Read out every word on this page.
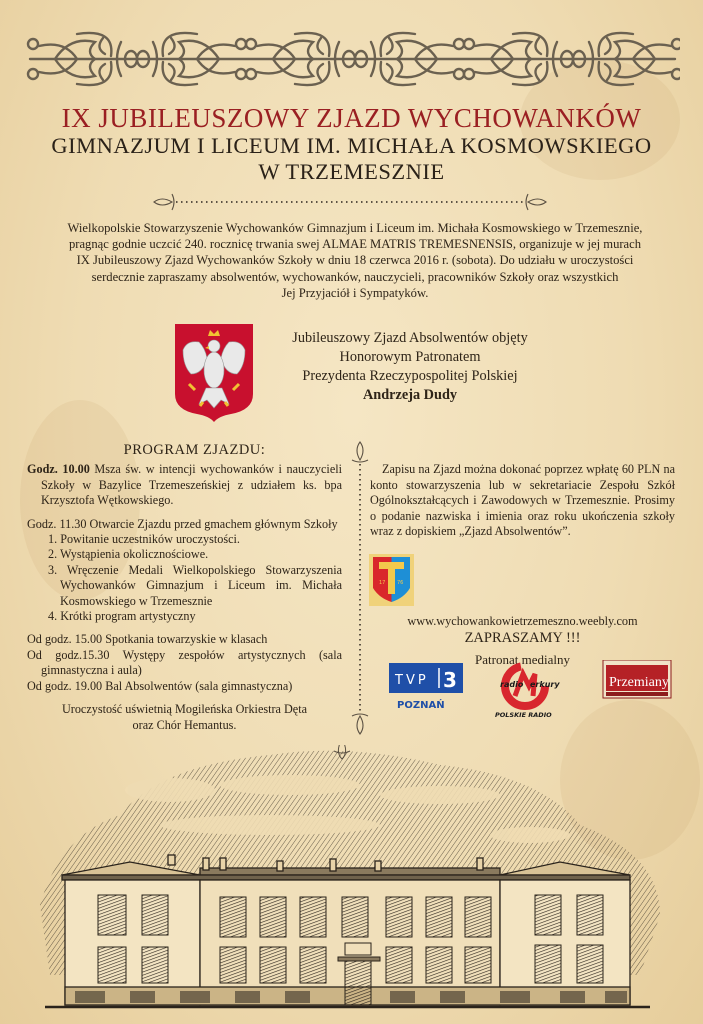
IX JUBILEUSZOWY ZJAZD WYCHOWANKÓW
GIMNAZJUM I LICEUM IM. MICHAŁA KOSMOWSKIEGO
W TRZEMESZNIE
Wielkopolskie Stowarzyszenie Wychowanków Gimnazjum i Liceum im. Michała Kosmowskiego w Trzemesznie,
pragnąc godnie uczcić 240. rocznicę trwania swej ALMAE MATRIS TREMESNENSIS, organizuje w jej murach
IX Jubileuszowy Zjazd Wychowanków Szkoły w dniu 18 czerwca 2016 r. (sobota). Do udziału w uroczystości
serdecznie zapraszamy absolwentów, wychowanków, nauczycieli, pracowników Szkoły oraz wszystkich
Jej Przyjaciół i Sympatyków.
Jubileuszowy Zjazd Absolwentów objęty
Honorowym Patronatem
Prezydenta Rzeczypospolitej Polskiej
Andrzeja Dudy
PROGRAM ZJAZDU:
Godz. 10.00 Msza św. w intencji wychowanków i nauczycieli Szkoły w Bazylice Trzemeszeńskiej z udziałem ks. bpa Krzysztofa Wętkowskiego.
Godz. 11.30 Otwarcie Zjazdu przed gmachem głównym Szkoły
1. Powitanie uczestników uroczystości.
2. Wystąpienia okolicznościowe.
3. Wręczenie Medali Wielkopolskiego Stowarzyszenia Wychowanków Gimnazjum i Liceum im. Michała Kosmowskiego w Trzemesznie
4. Krótki program artystyczny
Od godz. 15.00 Spotkania towarzyskie w klasach
Od godz.15.30 Występy zespołów artystycznych (sala gimnastyczna i aula)
Od godz. 19.00 Bal Absolwentów (sala gimnastyczna)
Uroczystość uświetnią Mogileńska Orkiestra Dęta
oraz Chór Hemantus.
Zapisu na Zjazd można dokonać poprzez wpłatę 60 PLN na konto stowarzyszenia lub w sekretariacie Zespołu Szkół Ogólnokształcących i Zawodowych w Trzemesznie. Prosimy o podanie nazwiska i imienia oraz roku ukończenia szkoły wraz z dopiskiem „Zjazd Absolwentów”.
17 76
www.wychowankowietrzemeszno.weebly.com
ZAPRASZAMY !!!
Patronat medialny
TVP 3
POZNAŃ
radio erkury
POLSKIE RADIO
Przemiany
